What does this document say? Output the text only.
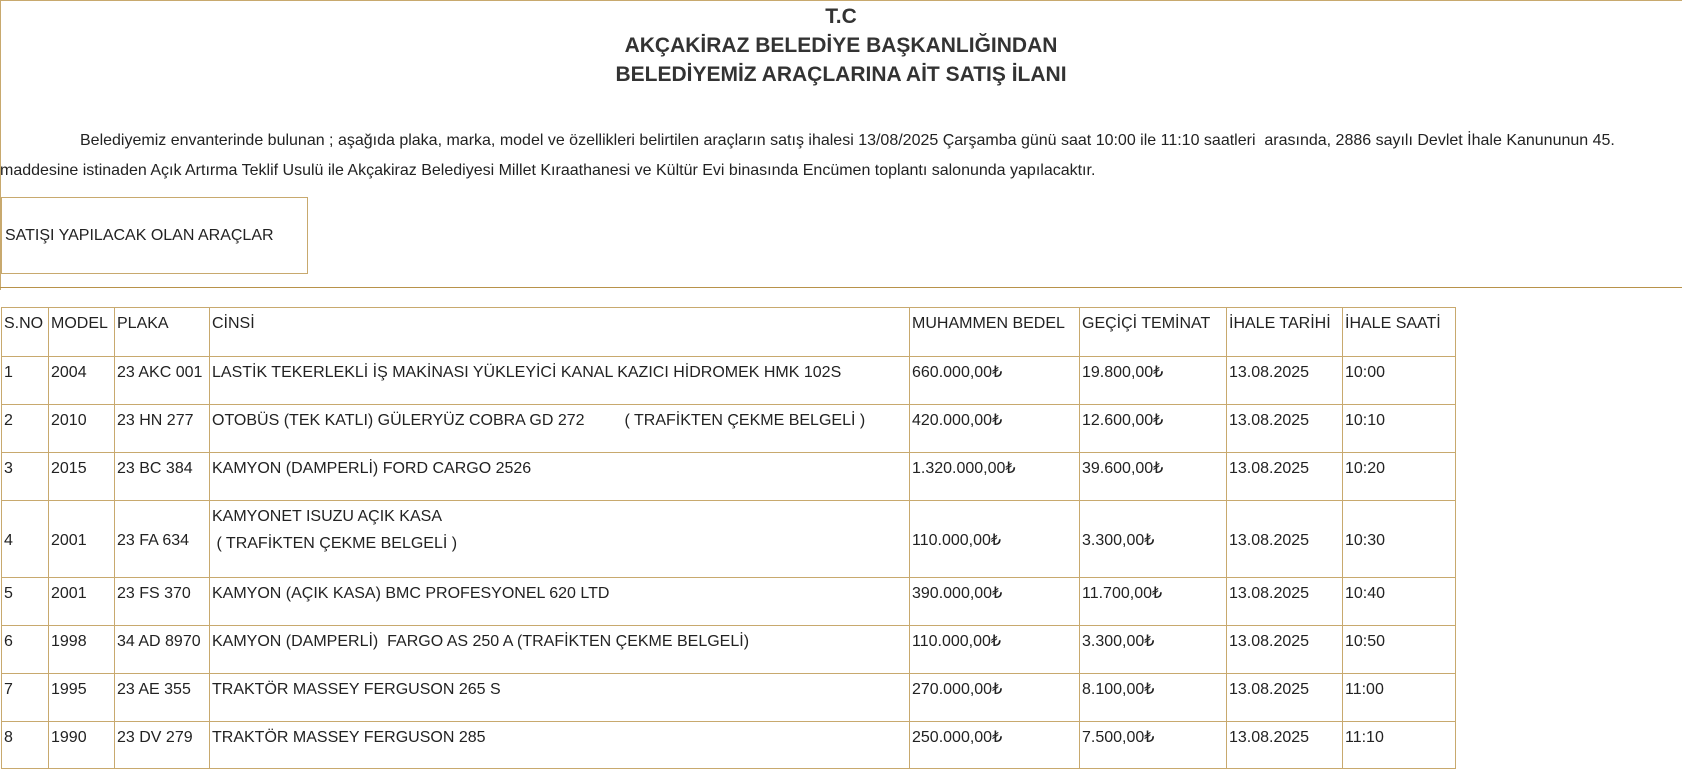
T.C
AKÇAKİRAZ BELEDİYE BAŞKANLIĞINDAN
BELEDİYEMİZ ARAÇLARINA AİT SATIŞ İLANI

Belediyemiz envanterinde bulunan ; aşağıda plaka, marka, model ve özellikleri belirtilen araçların satış ihalesi 13/08/2025 Çarşamba günü saat 10:00 ile 11:10 saatleri  arasında, 2886 sayılı Devlet İhale Kanununun 45. maddesine istinaden Açık Artırma Teklif Usulü ile Akçakiraz Belediyesi Millet Kıraathanesi ve Kültür Evi binasında Encümen toplantı salonunda yapılacaktır.

SATIŞI YAPILACAK OLAN ARAÇLAR
S.NO	MODEL	PLAKA	CİNSİ	MUHAMMEN BEDEL	GEÇİÇİ TEMİNAT	İHALE TARİHİ	İHALE SAATİ
1	2004	23 AKC 001	LASTİK TEKERLEKLİ İŞ MAKİNASI YÜKLEYİCİ KANAL KAZICI HİDROMEK HMK 102S	660.000,00₺	19.800,00₺	13.08.2025	10:00
2	2010	23 HN 277	OTOBÜS (TEK KATLI) GÜLERYÜZ COBRA GD 272         ( TRAFİKTEN ÇEKME BELGELİ )	420.000,00₺	12.600,00₺	13.08.2025	10:10
3	2015	23 BC 384	KAMYON (DAMPERLİ) FORD CARGO 2526	1.320.000,00₺	39.600,00₺	13.08.2025	10:20
4	2001	23 FA 634	KAMYONET ISUZU AÇIK KASA
( TRAFİKTEN ÇEKME BELGELİ )	110.000,00₺	3.300,00₺	13.08.2025	10:30
5	2001	23 FS 370	KAMYON (AÇIK KASA) BMC PROFESYONEL 620 LTD	390.000,00₺	11.700,00₺	13.08.2025	10:40
6	1998	34 AD 8970	KAMYON (DAMPERLİ)  FARGO AS 250 A (TRAFİKTEN ÇEKME BELGELİ)	110.000,00₺	3.300,00₺	13.08.2025	10:50
7	1995	23 AE 355	TRAKTÖR MASSEY FERGUSON 265 S	270.000,00₺	8.100,00₺	13.08.2025	11:00
8	1990	23 DV 279	TRAKTÖR MASSEY FERGUSON 285	250.000,00₺	7.500,00₺	13.08.2025	11:10
